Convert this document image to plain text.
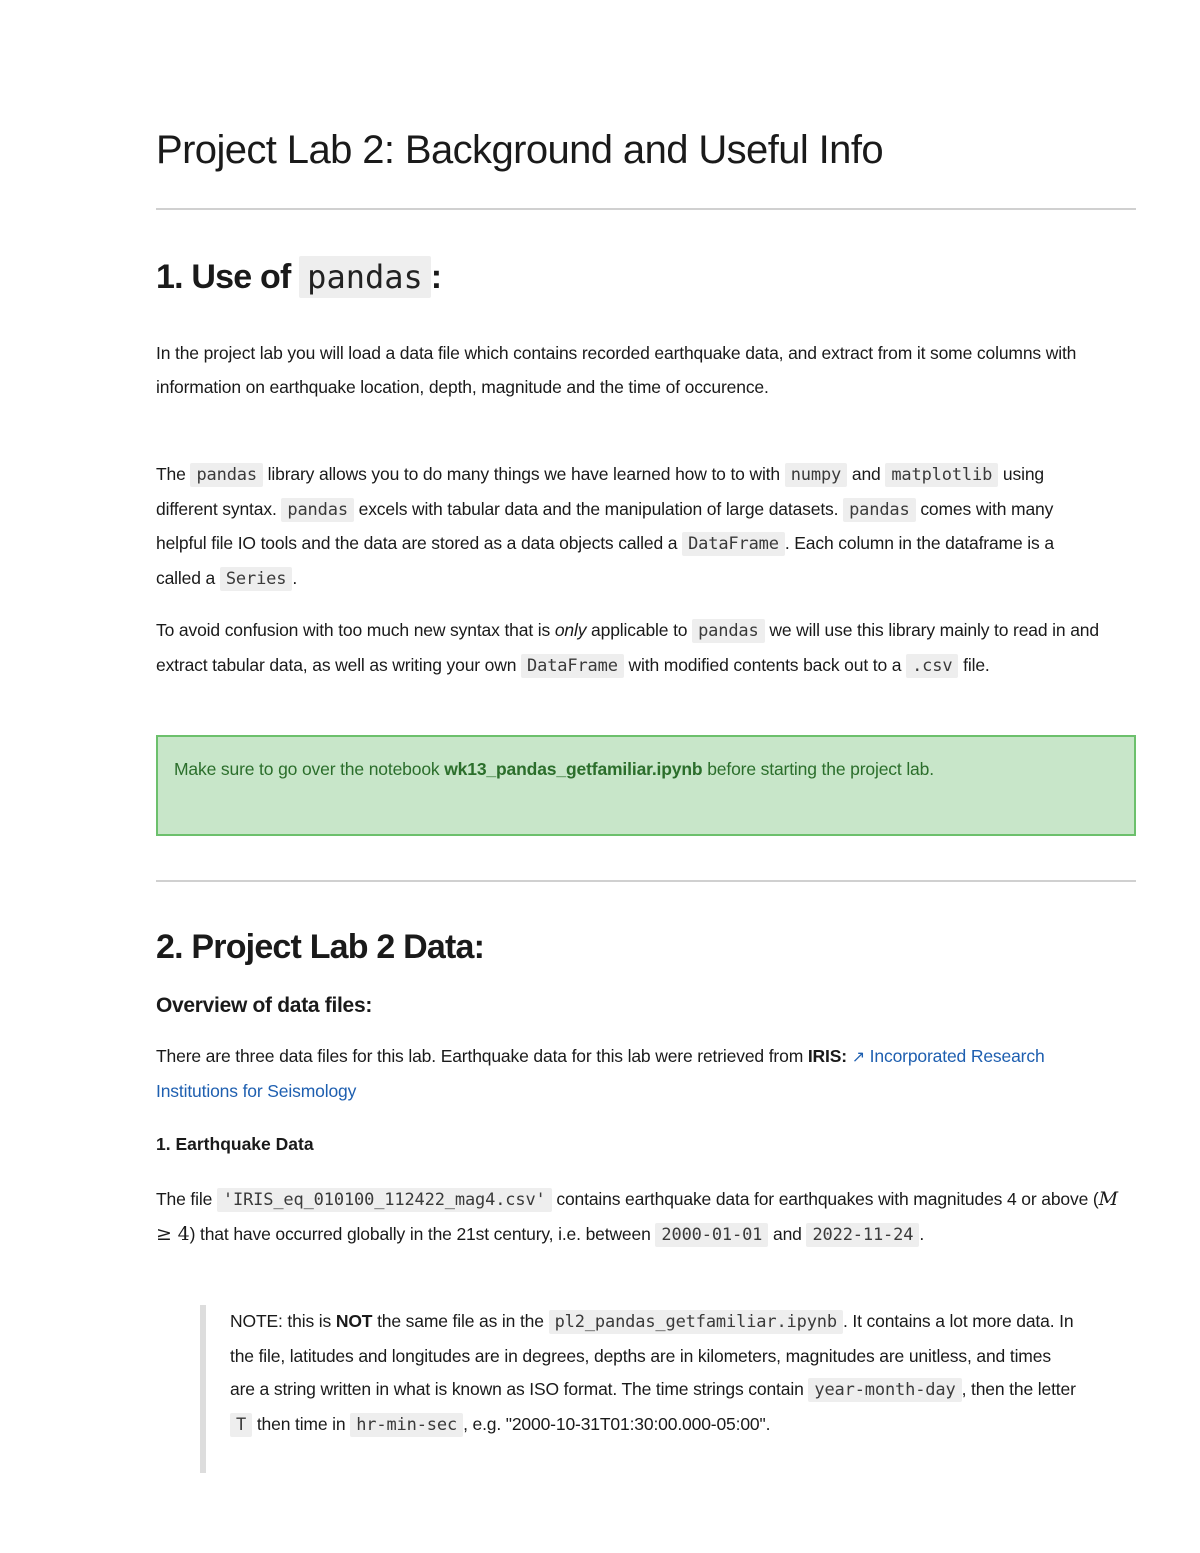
Project Lab 2: Background and Useful Info
1. Use of pandas :

In the project lab you will load a data file which contains recorded earthquake data, and extract from it some columns with information on earthquake location, depth, magnitude and the time of occurence.

The pandas library allows you to do many things we have learned how to to with numpy and matplotlib using different syntax. pandas excels with tabular data and the manipulation of large datasets. pandas comes with many helpful file IO tools and the data are stored as a data objects called a DataFrame . Each column in the dataframe is a called a Series .

To avoid confusion with too much new syntax that is only applicable to pandas we will use this library mainly to read in and extract tabular data, as well as writing your own DataFrame with modified contents back out to a .csv file.

Make sure to go over the notebook wk13_pandas_getfamiliar.ipynb before starting the project lab.

2. Project Lab 2 Data:
Overview of data files:

There are three data files for this lab. Earthquake data for this lab were retrieved from IRIS: ↗ Incorporated Research Institutions for Seismology

1. Earthquake Data

The file 'IRIS_eq_010100_112422_mag4.csv' contains earthquake data for earthquakes with magnitudes 4 or above (M ≥ 4) that have occurred globally in the 21st century, i.e. between 2000-01-01 and 2022-11-24 .

NOTE: this is NOT the same file as in the pl2_pandas_getfamiliar.ipynb . It contains a lot more data. In the file, latitudes and longitudes are in degrees, depths are in kilometers, magnitudes are unitless, and times are a string written in what is known as ISO format. The time strings contain year-month-day , then the letter T then time in hr-min-sec , e.g. "2000-10-31T01:30:00.000-05:00".
